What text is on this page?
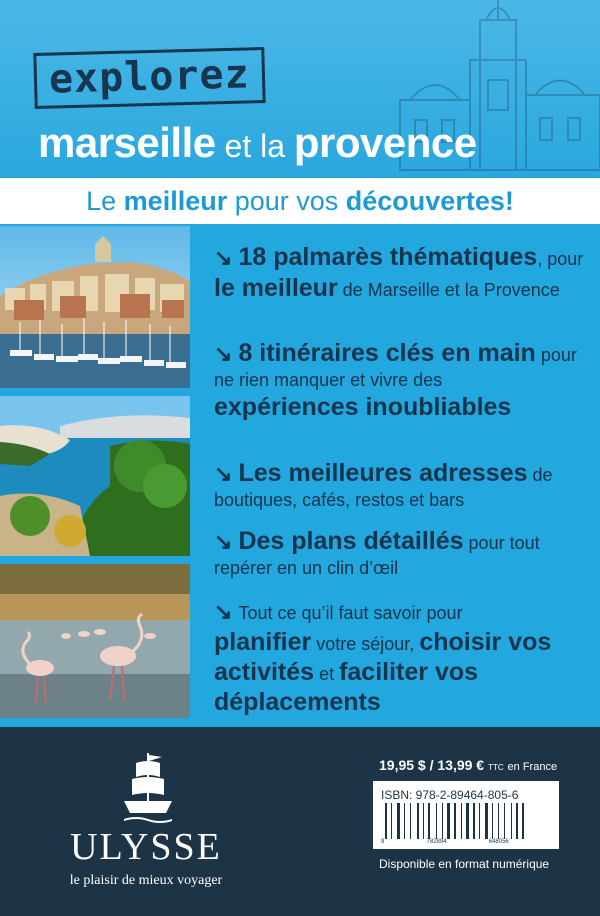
explorez
marseille et la provence
Le meilleur pour vos découvertes!
↘ 18 palmarès thématiques, pour le meilleur de Marseille et la Provence
↘ 8 itinéraires clés en main pour ne rien manquer et vivre des expériences inoubliables
↘ Les meilleures adresses de boutiques, cafés, restos et bars
↘ Des plans détaillés pour tout repérer en un clin d’œil
↘ Tout ce qu’il faut savoir pour
planifier votre séjour, choisir vos activités et faciliter vos déplacements
ULYSSE
le plaisir de mieux voyager
19,95 $ / 13,99 € TTC en France
ISBN: 978-2-89464-805-6
9	782894	648056
Disponible en format numérique
